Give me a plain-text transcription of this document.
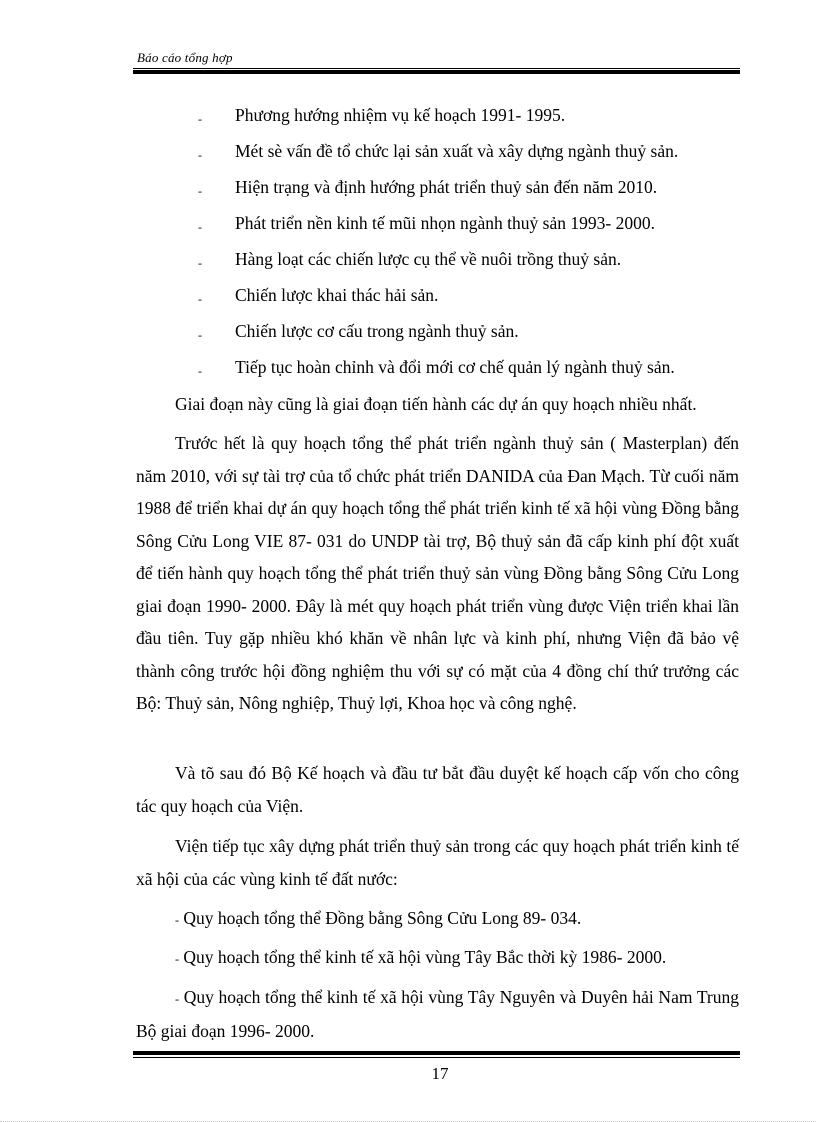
Báo cáo tổng hợp
- Phương hướng nhiệm vụ kế hoạch 1991- 1995.
- Mét sè vấn đề tổ chức lại sản xuất và xây dựng ngành thuỷ sản.
- Hiện trạng và định hướng phát triển thuỷ sản đến năm 2010.
- Phát triển nền kinh tế mũi nhọn ngành thuỷ sản 1993- 2000.
- Hàng loạt các chiến lược cụ thể về nuôi trồng thuỷ sản.
- Chiến lược khai thác hải sản.
- Chiến lược cơ cấu trong ngành thuỷ sản.
- Tiếp tục hoàn chỉnh và đổi mới cơ chế quản lý ngành thuỷ sản.

Giai đoạn này cũng là giai đoạn tiến hành các dự án quy hoạch nhiều nhất.

Trước hết là quy hoạch tổng thể phát triển ngành thuỷ sản ( Masterplan) đến năm 2010, với sự tài trợ của tổ chức phát triển DANIDA của Đan Mạch. Từ cuối năm 1988 để triển khai dự án quy hoạch tổng thể phát triển kinh tế xã hội vùng Đồng bằng Sông Cửu Long VIE 87- 031 do UNDP tài trợ, Bộ thuỷ sản đã cấp kinh phí đột xuất để tiến hành quy hoạch tổng thể phát triển thuỷ sản vùng Đồng bằng Sông Cửu Long giai đoạn 1990- 2000. Đây là mét quy hoạch phát triển vùng được Viện triển khai lần đầu tiên. Tuy gặp nhiều khó khăn về nhân lực và kinh phí, nhưng Viện đã bảo vệ thành công trước hội đồng nghiệm thu với sự có mặt của 4 đồng chí thứ trưởng các Bộ: Thuỷ sản, Nông nghiệp, Thuỷ lợi, Khoa học và công nghệ.

Và tõ sau đó Bộ Kế hoạch và đầu tư bắt đầu duyệt kế hoạch cấp vốn cho công tác quy hoạch của Viện.

Viện tiếp tục xây dựng phát triển thuỷ sản trong các quy hoạch phát triển kinh tế xã hội của các vùng kinh tế đất nước:

- Quy hoạch tổng thể Đồng bằng Sông Cửu Long 89- 034.

- Quy hoạch tổng thể kinh tế xã hội vùng Tây Bắc thời kỳ 1986- 2000.

- Quy hoạch tổng thể kinh tế xã hội vùng Tây Nguyên và Duyên hải Nam Trung Bộ giai đoạn 1996- 2000.

17
